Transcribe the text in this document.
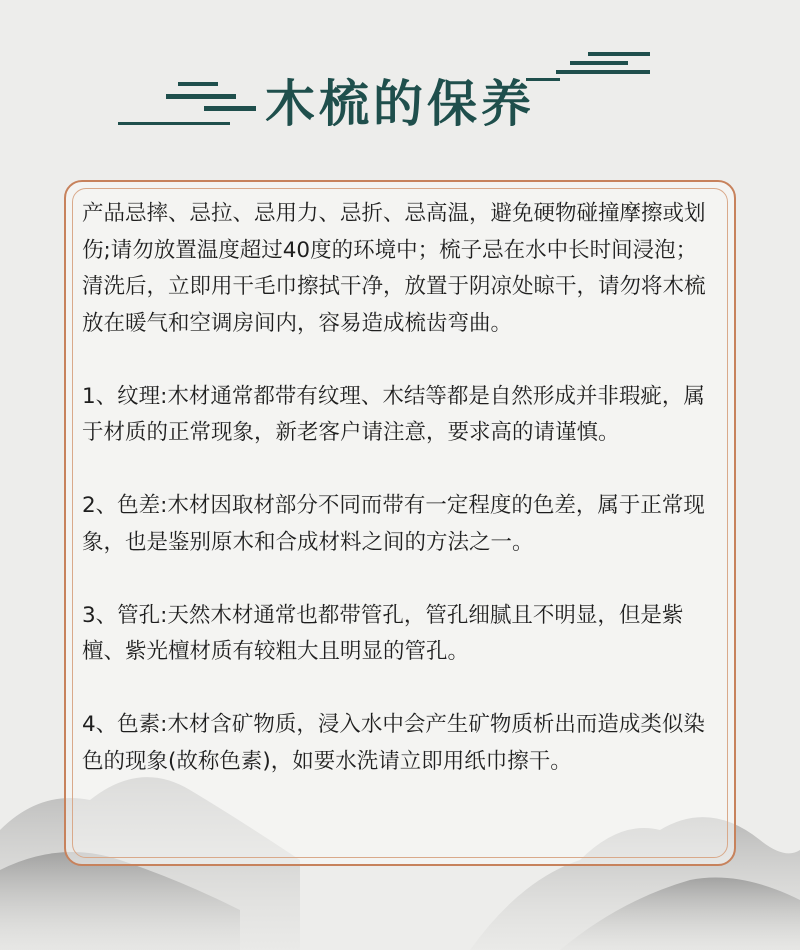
木梳的保养

产品忌摔、忌拉、忌用力、忌折、忌高温，避免硬物碰撞摩擦或划伤;请勿放置温度超过40度的环境中；梳子忌在水中长时间浸泡；

清洗后，立即用干毛巾擦拭干净，放置于阴凉处晾干，请勿将木梳放在暖气和空调房间内，容易造成梳齿弯曲。

1、纹理:木材通常都带有纹理、木结等都是自然形成并非瑕疵，属于材质的正常现象，新老客户请注意，要求高的请谨慎。

2、色差:木材因取材部分不同而带有一定程度的色差，属于正常现象，也是鉴别原木和合成材料之间的方法之一。

3、管孔:天然木材通常也都带管孔，管孔细腻且不明显，但是紫檀、紫光檀材质有较粗大且明显的管孔。

4、色素:木材含矿物质，浸入水中会产生矿物质析出而造成类似染色的现象(故称色素)，如要水洗请立即用纸巾擦干。
